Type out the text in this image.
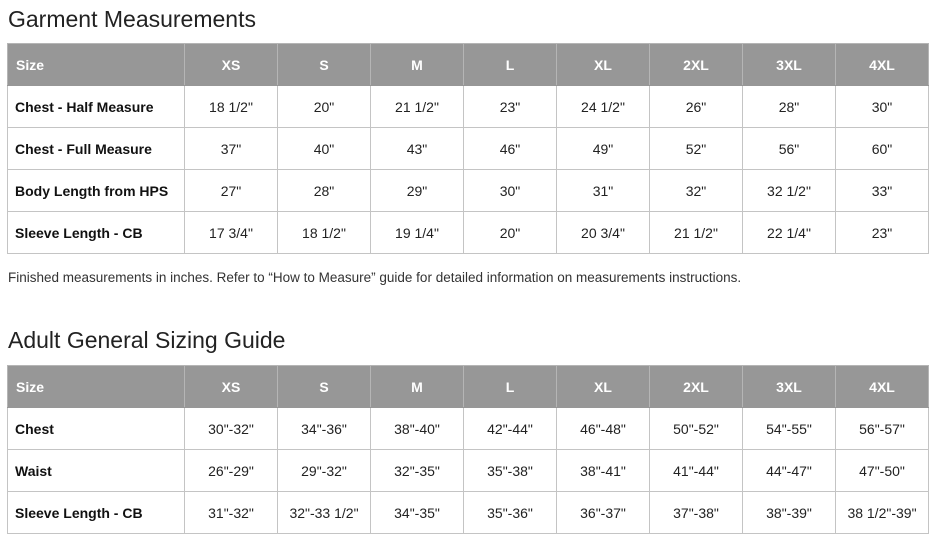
Garment Measurements
Size	XS	S	M	L	XL	2XL	3XL	4XL
Chest - Half Measure	18 1/2"	20"	21 1/2"	23"	24 1/2"	26"	28"	30"
Chest - Full Measure	37"	40"	43"	46"	49"	52"	56"	60"
Body Length from HPS	27"	28"	29"	30"	31"	32"	32 1/2"	33"
Sleeve Length - CB	17 3/4"	18 1/2"	19 1/4"	20"	20 3/4"	21 1/2"	22 1/4"	23"

Finished measurements in inches. Refer to “How to Measure” guide for detailed information on measurements instructions.

Adult General Sizing Guide
Size	XS	S	M	L	XL	2XL	3XL	4XL
Chest	30"-32"	34"-36"	38"-40"	42"-44"	46"-48"	50"-52"	54"-55"	56"-57"
Waist	26"-29"	29"-32"	32"-35"	35"-38"	38"-41"	41"-44"	44"-47"	47"-50"
Sleeve Length - CB	31"-32"	32"-33 1/2"	34"-35"	35"-36"	36"-37"	37"-38"	38"-39"	38 1/2"-39"
